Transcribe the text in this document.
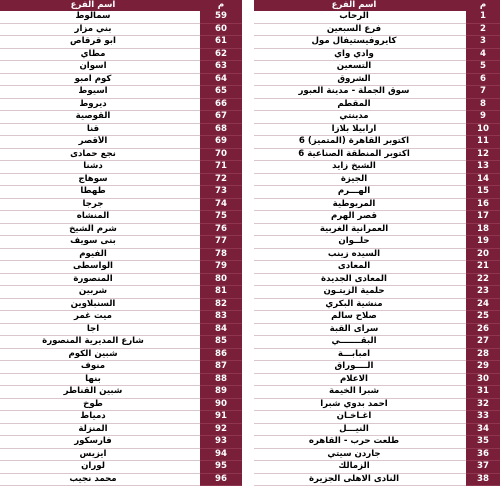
اسم الفرع		م
الرحاب		1
فرع السبعين		2
كايروفيستيفال مول		3
وادي واي		4
التسعين		5
الشروق		6
سوق الجملة - مدينة العبور		7
المقطم		8
مدينتي		9
ارابيلا بلازا		10
6 اكتوبر القاهرة (المتميز)		11
6 اكتوبر المنطقة الصناعية		12
الشيخ زايد		13
الجيزة		14
الهـــرم		15
المريوطية		16
قصر الهرم		17
العمرانية الغربية		18
حلــوان		19
السيده زينب		20
المعادى		21
المعادى الجديدة		22
حلمية الزيتـون		23
منشية البكري		24
صلاح سالم		25
سراى القبة		26
البقـــــــي		27
امبابـــة		28
الــــوراق		29
الاعلام		30
شبرا الخيمة		31
احمد بدوي شبرا		32
اغـاخـان		33
النيـــل		34
طلعت حرب - القاهره		35
جاردن سيتي		36
الزمالك		37
النادى الاهلى الجزيرة		38
اسم الفرع		م
سمالوط		59
بني مزار		60
ابو قرقاص		61
مطاي		62
اسوان		63
كوم امبو		64
اسيوط		65
ديروط		66
القوصية		67
قنا		68
الأقصر		69
نجع حمادى		70
دشنا		71
سوهاج		72
طهطا		73
جرجا		74
المنشاه		75
شرم الشيخ		76
بنى سويف		77
الفيوم		78
الواسطى		79
المنصورة		80
شربين		81
السنبلاوين		82
ميت غمر		83
اجا		84
شارع المديرية المنصورة		85
شبين الكوم		86
منوف		87
بنها		88
شبين القناطر		89
طوخ		90
دمياط		91
المنزلة		92
فارسكور		93
ايزيس		94
لوران		95
محمد نجيب		96
